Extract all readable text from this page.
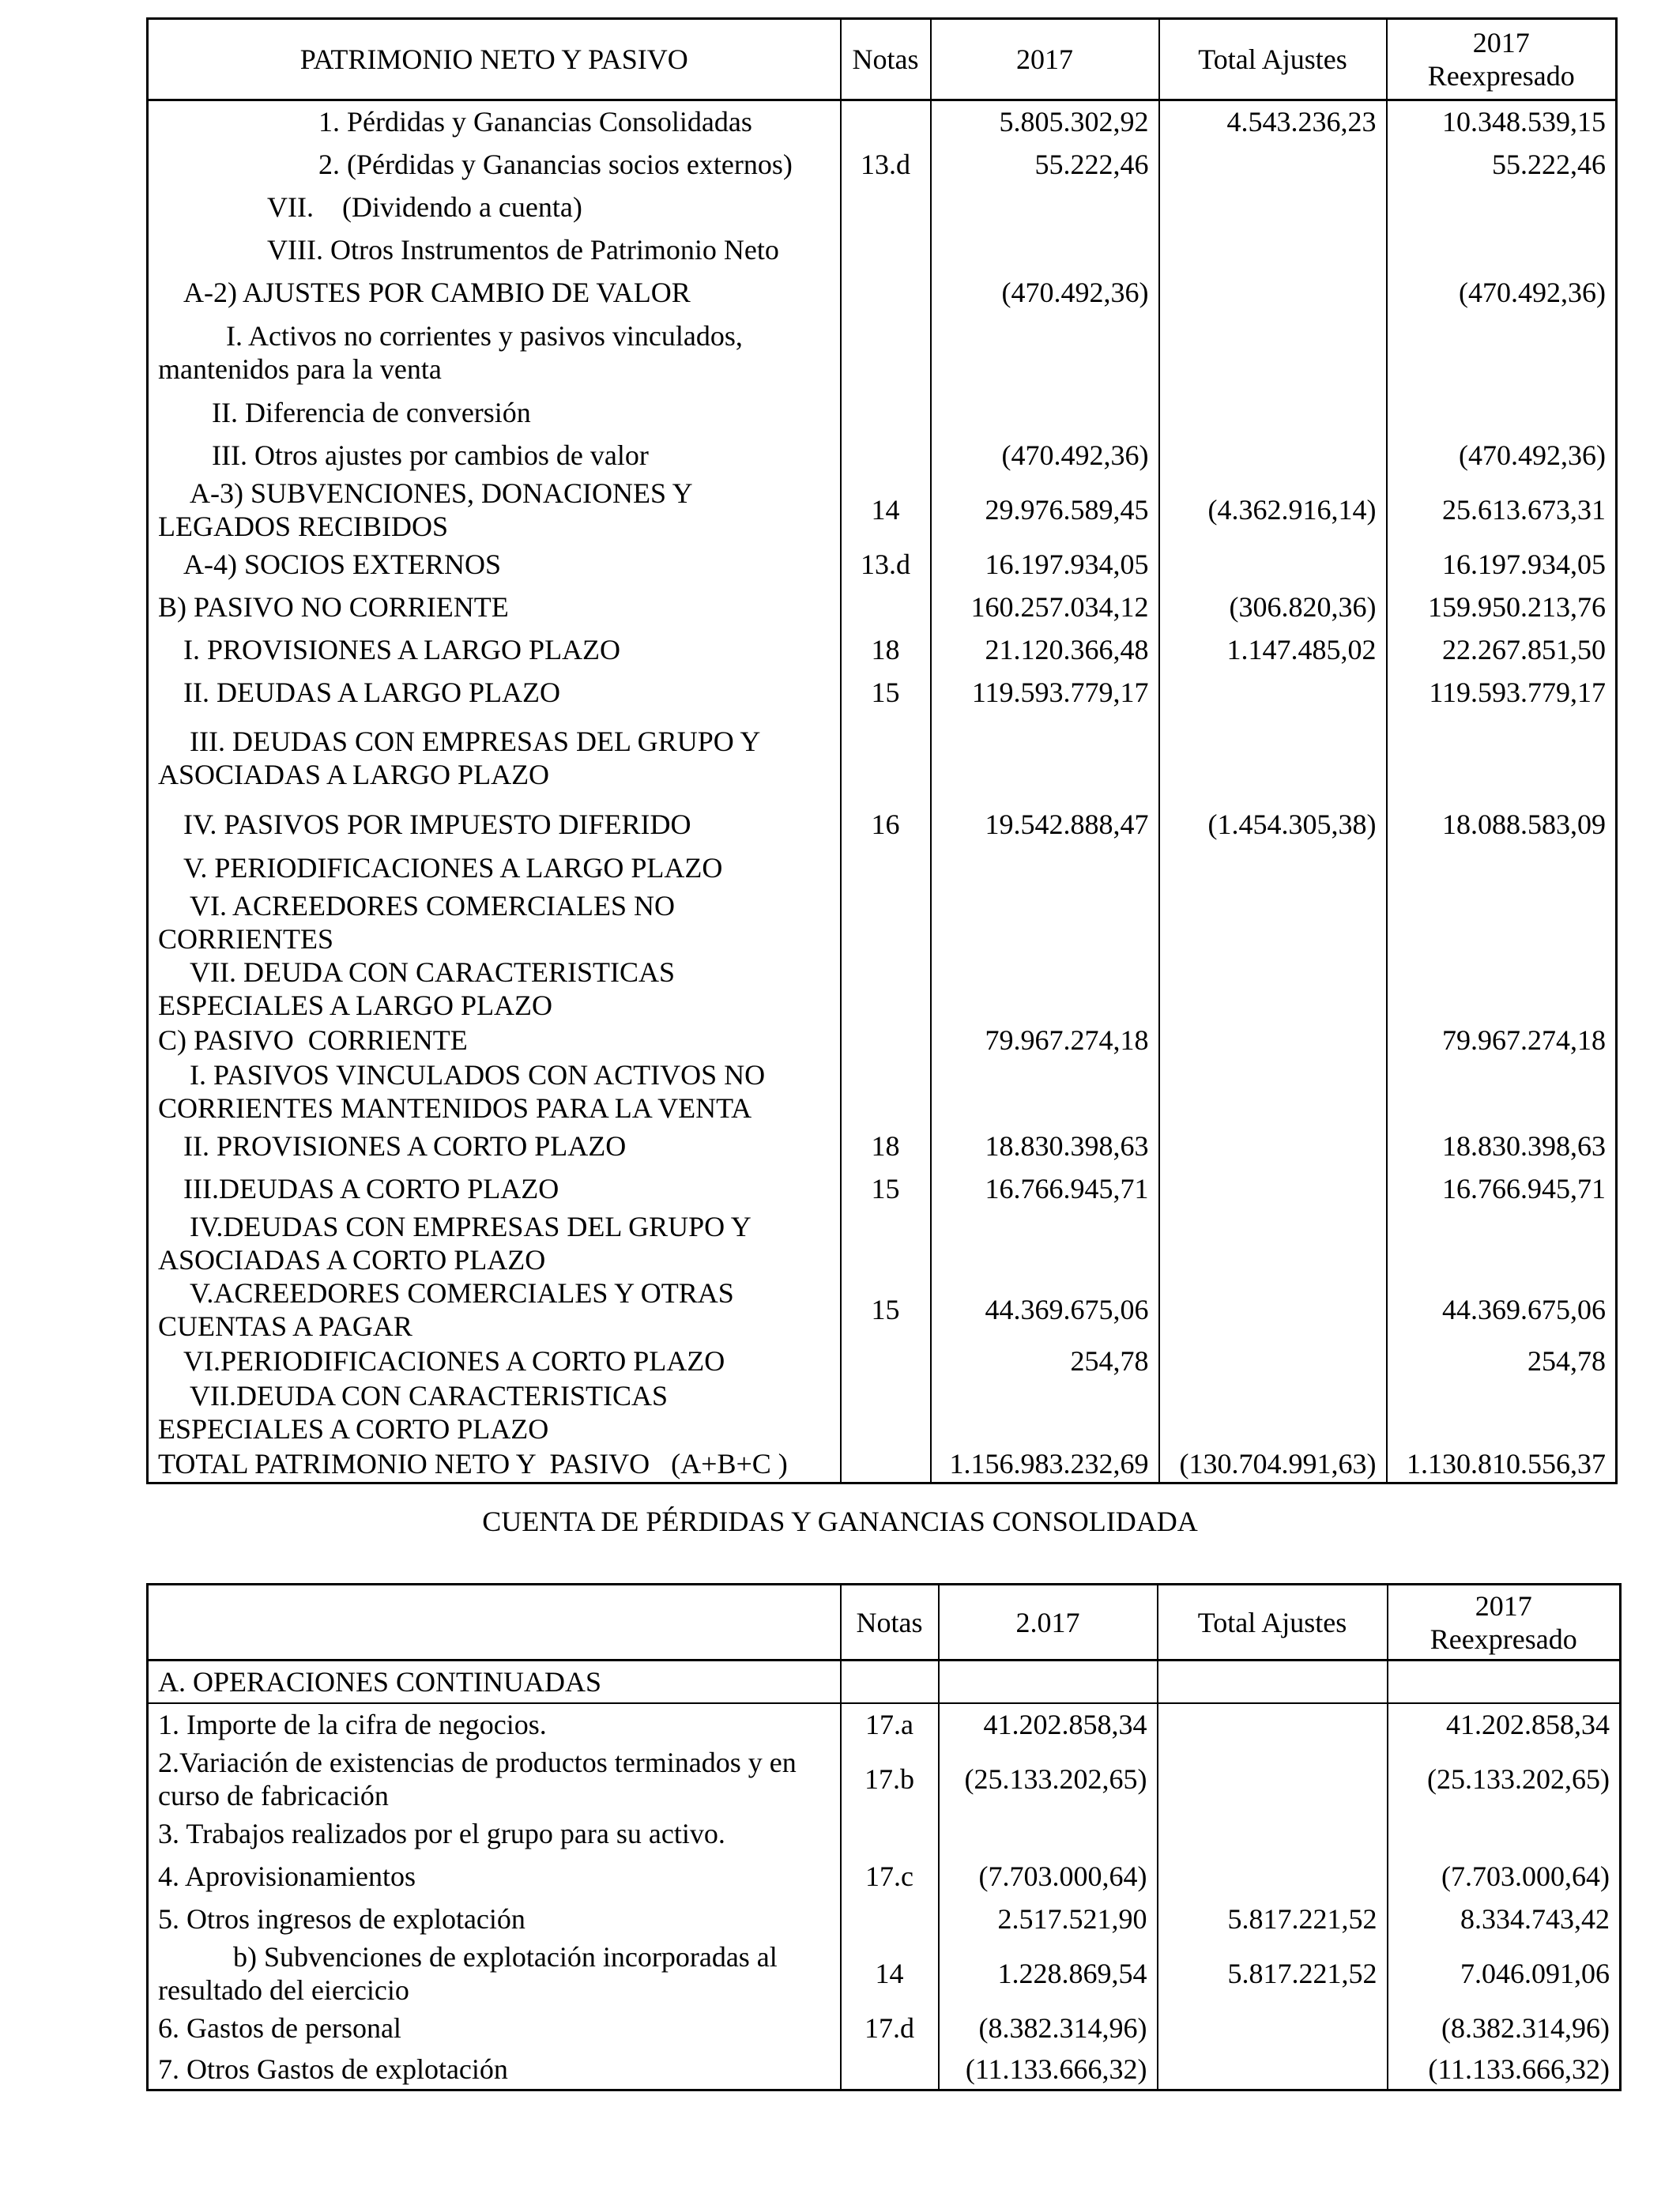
PATRIMONIO NETO Y PASIVO	Notas	2017	Total Ajustes	2017
Reexpresado

1. Pérdidas y Ganancias Consolidadas		5.805.302,92	4.543.236,23	10.348.539,15
2. (Pérdidas y Ganancias socios externos)	13.d	55.222,46		55.222,46
VII.    (Dividendo a cuenta)				
VIII. Otros Instrumentos de Patrimonio Neto				
A-2) AJUSTES POR CAMBIO DE VALOR		(470.492,36)		(470.492,36)
I. Activos no corrientes y pasivos vinculados, mantenidos para la venta				
II. Diferencia de conversión				
III. Otros ajustes por cambios de valor		(470.492,36)		(470.492,36)
A-3) SUBVENCIONES, DONACIONES Y LEGADOS RECIBIDOS	14	29.976.589,45	(4.362.916,14)	25.613.673,31
A-4) SOCIOS EXTERNOS	13.d	16.197.934,05		16.197.934,05
B) PASIVO NO CORRIENTE		160.257.034,12	(306.820,36)	159.950.213,76
I. PROVISIONES A LARGO PLAZO	18	21.120.366,48	1.147.485,02	22.267.851,50
II. DEUDAS A LARGO PLAZO	15	119.593.779,17		119.593.779,17
III. DEUDAS CON EMPRESAS DEL GRUPO Y ASOCIADAS A LARGO PLAZO				
IV. PASIVOS POR IMPUESTO DIFERIDO	16	19.542.888,47	(1.454.305,38)	18.088.583,09
V. PERIODIFICACIONES A LARGO PLAZO				
VI. ACREEDORES COMERCIALES NO CORRIENTES				
VII. DEUDA CON CARACTERISTICAS ESPECIALES A LARGO PLAZO				
C) PASIVO  CORRIENTE		79.967.274,18		79.967.274,18
I. PASIVOS VINCULADOS CON ACTIVOS NO CORRIENTES MANTENIDOS PARA LA VENTA				
II. PROVISIONES A CORTO PLAZO	18	18.830.398,63		18.830.398,63
III.DEUDAS A CORTO PLAZO	15	16.766.945,71		16.766.945,71
IV.DEUDAS CON EMPRESAS DEL GRUPO Y ASOCIADAS A CORTO PLAZO				
V.ACREEDORES COMERCIALES Y OTRAS CUENTAS A PAGAR	15	44.369.675,06		44.369.675,06
VI.PERIODIFICACIONES A CORTO PLAZO		254,78		254,78
VII.DEUDA CON CARACTERISTICAS ESPECIALES A CORTO PLAZO				
TOTAL PATRIMONIO NETO Y  PASIVO   (A+B+C )		1.156.983.232,69	(130.704.991,63)	1.130.810.556,37
CUENTA DE PÉRDIDAS Y GANANCIAS CONSOLIDADA
	Notas	2.017	Total Ajustes	2017
Reexpresado

A. OPERACIONES CONTINUADAS				
1. Importe de la cifra de negocios.	17.a	41.202.858,34		41.202.858,34
2.Variación de existencias de productos terminados y en curso de fabricación	17.b	(25.133.202,65)		(25.133.202,65)
3. Trabajos realizados por el grupo para su activo.				
4. Aprovisionamientos	17.c	(7.703.000,64)		(7.703.000,64)
5. Otros ingresos de explotación		2.517.521,90	5.817.221,52	8.334.743,42
b) Subvenciones de explotación incorporadas al resultado del eiercicio	14	1.228.869,54	5.817.221,52	7.046.091,06
6. Gastos de personal	17.d	(8.382.314,96)		(8.382.314,96)
7. Otros Gastos de explotación		(11.133.666,32)		(11.133.666,32)
